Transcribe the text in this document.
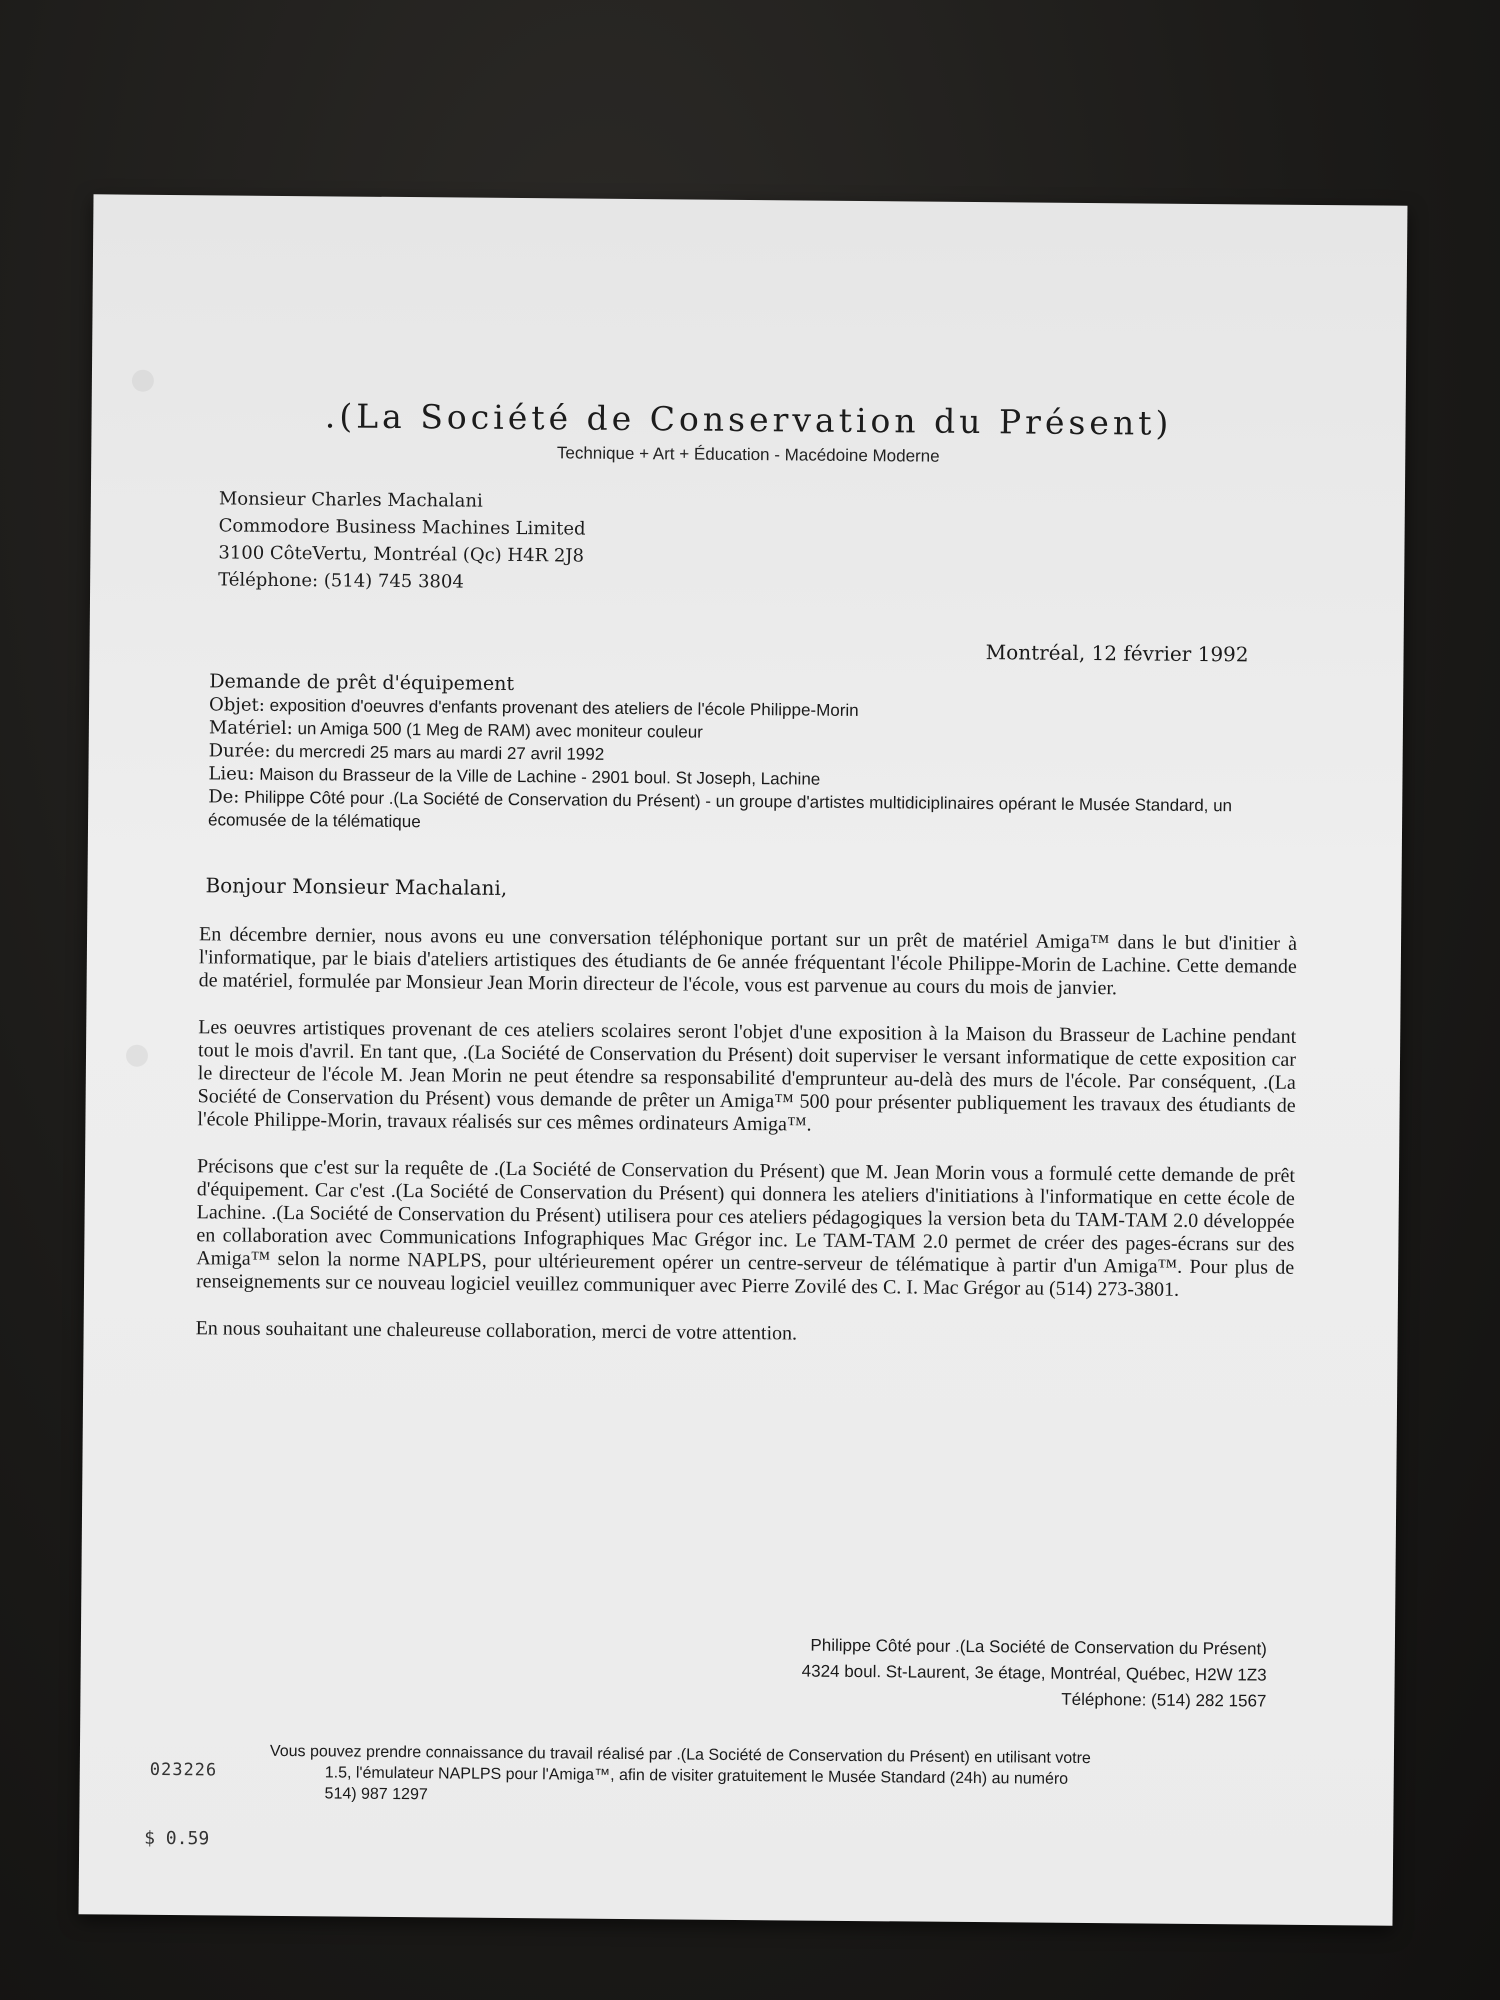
.(La Société de Conservation du Présent)
Technique + Art + Éducation - Macédoine Moderne
Monsieur Charles Machalani
Commodore Business Machines Limited
3100 CôteVertu, Montréal (Qc) H4R 2J8
Téléphone: (514) 745 3804
Montréal, 12 février 1992
Demande de prêt d'équipement
Objet: exposition d'oeuvres d'enfants provenant des ateliers de l'école Philippe-Morin
Matériel: un Amiga 500 (1 Meg de RAM) avec moniteur couleur
Durée: du mercredi 25 mars au mardi 27 avril 1992
Lieu: Maison du Brasseur de la Ville de Lachine - 2901 boul. St Joseph, Lachine
De: Philippe Côté pour .(La Société de Conservation du Présent) - un groupe d'artistes multidiciplinaires opérant le Musée Standard, un écomusée de la télématique
Bonjour Monsieur Machalani,

En décembre dernier, nous avons eu une conversation téléphonique portant sur un prêt de matériel Amiga™ dans le but d'initier à l'informatique, par le biais d'ateliers artistiques des étudiants de 6e année fréquentant l'école Philippe-Morin de Lachine. Cette demande de matériel, formulée par Monsieur Jean Morin directeur de l'école, vous est parvenue au cours du mois de janvier.

Les oeuvres artistiques provenant de ces ateliers scolaires seront l'objet d'une exposition à la Maison du Brasseur de Lachine pendant tout le mois d'avril. En tant que, .(La Société de Conservation du Présent) doit superviser le versant informatique de cette exposition car le directeur de l'école M. Jean Morin ne peut étendre sa responsabilité d'emprunteur au-delà des murs de l'école. Par conséquent, .(La Société de Conservation du Présent) vous demande de prêter un Amiga™ 500 pour présenter publiquement les travaux des étudiants de l'école Philippe-Morin, travaux réalisés sur ces mêmes ordinateurs Amiga™.

Précisons que c'est sur la requête de .(La Société de Conservation du Présent) que M. Jean Morin vous a formulé cette demande de prêt d'équipement. Car c'est .(La Société de Conservation du Présent) qui donnera les ateliers d'initiations à l'informatique en cette école de Lachine. .(La Société de Conservation du Présent) utilisera pour ces ateliers pédagogiques la version beta du TAM-TAM 2.0 développée en collaboration avec Communications Infographiques Mac Grégor inc. Le TAM-TAM 2.0 permet de créer des pages-écrans sur des Amiga™ selon la norme NAPLPS, pour ultérieurement opérer un centre-serveur de télématique à partir d'un Amiga™. Pour plus de renseignements sur ce nouveau logiciel veuillez communiquer avec Pierre Zovilé des C. I. Mac Grégor au (514) 273-3801.

En nous souhaitant une chaleureuse collaboration, merci de votre attention.
Philippe Côté pour .(La Société de Conservation du Présent)
4324 boul. St-Laurent, 3e étage, Montréal, Québec, H2W 1Z3
Téléphone: (514) 282 1567
Vous pouvez prendre connaissance du travail réalisé par .(La Société de Conservation du Présent) en utilisant votre
1.5, l'émulateur NAPLPS pour l'Amiga™, afin de visiter gratuitement le Musée Standard (24h) au numéro
514) 987 1297
023226
$ 0.59
